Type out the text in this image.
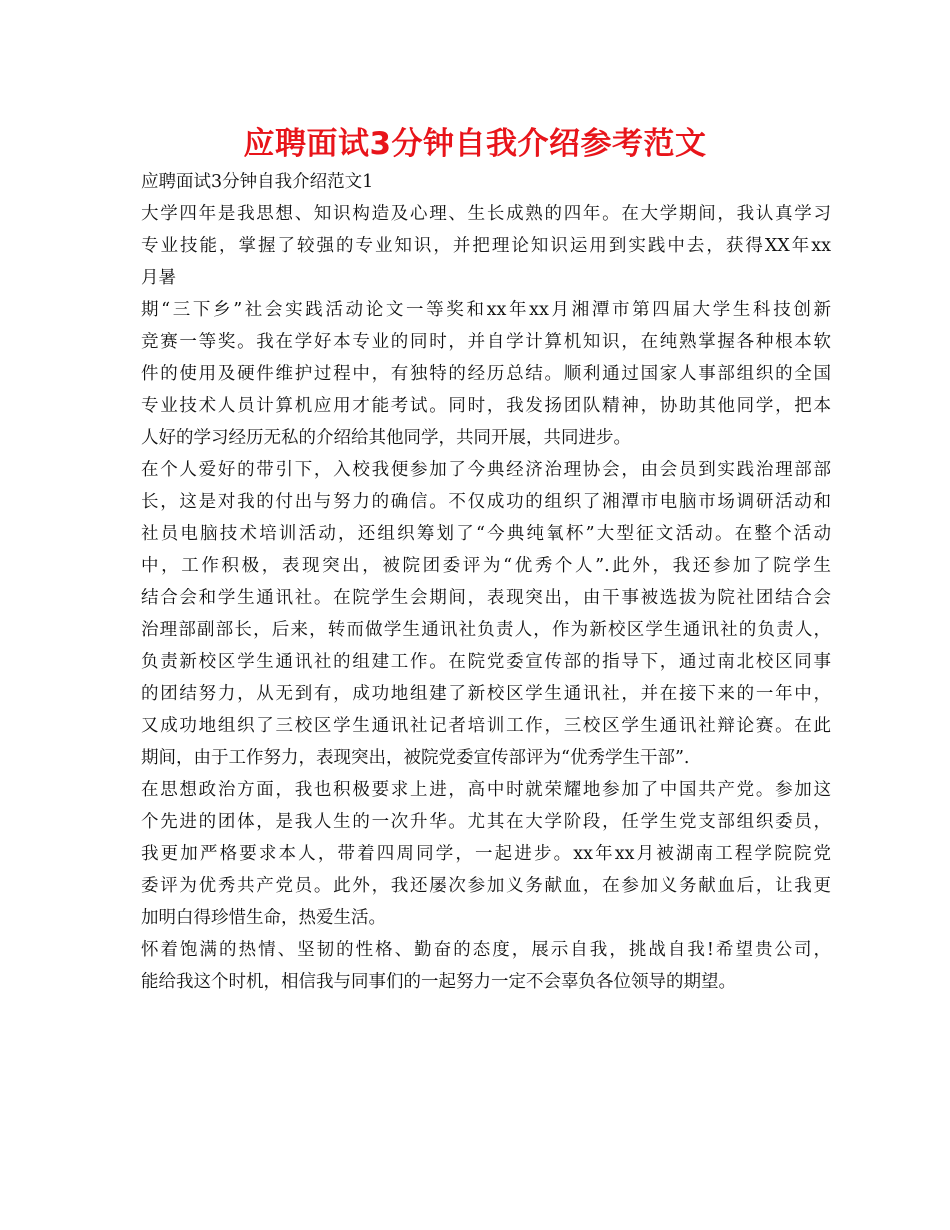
应聘面试3分钟自我介绍参考范文
应聘面试3分钟自我介绍范文1
大学四年是我思想、知识构造及心理、生长成熟的四年。在大学期间，我认真学习
专业技能，掌握了较强的专业知识，并把理论知识运用到实践中去，获得XX年xx
月暑
期“三下乡”社会实践活动论文一等奖和xx年xx月湘潭市第四届大学生科技创新
竞赛一等奖。我在学好本专业的同时，并自学计算机知识，在纯熟掌握各种根本软
件的使用及硬件维护过程中，有独特的经历总结。顺利通过国家人事部组织的全国
专业技术人员计算机应用才能考试。同时，我发扬团队精神，协助其他同学，把本
人好的学习经历无私的介绍给其他同学，共同开展，共同进步。
在个人爱好的带引下，入校我便参加了今典经济治理协会，由会员到实践治理部部
长，这是对我的付出与努力的确信。不仅成功的组织了湘潭市电脑市场调研活动和
社员电脑技术培训活动，还组织筹划了“今典纯氧杯”大型征文活动。在整个活动
中，工作积极，表现突出，被院团委评为“优秀个人”.此外，我还参加了院学生
结合会和学生通讯社。在院学生会期间，表现突出，由干事被选拔为院社团结合会
治理部副部长，后来，转而做学生通讯社负责人，作为新校区学生通讯社的负责人，
负责新校区学生通讯社的组建工作。在院党委宣传部的指导下，通过南北校区同事
的团结努力，从无到有，成功地组建了新校区学生通讯社，并在接下来的一年中，
又成功地组织了三校区学生通讯社记者培训工作，三校区学生通讯社辩论赛。在此
期间，由于工作努力，表现突出，被院党委宣传部评为“优秀学生干部”.
在思想政治方面，我也积极要求上进，高中时就荣耀地参加了中国共产党。参加这
个先进的团体，是我人生的一次升华。尤其在大学阶段，任学生党支部组织委员，
我更加严格要求本人，带着四周同学，一起进步。xx年xx月被湖南工程学院院党
委评为优秀共产党员。此外，我还屡次参加义务献血，在参加义务献血后，让我更
加明白得珍惜生命，热爱生活。
怀着饱满的热情、坚韧的性格、勤奋的态度，展示自我，挑战自我!希望贵公司，
能给我这个时机，相信我与同事们的一起努力一定不会辜负各位领导的期望。
